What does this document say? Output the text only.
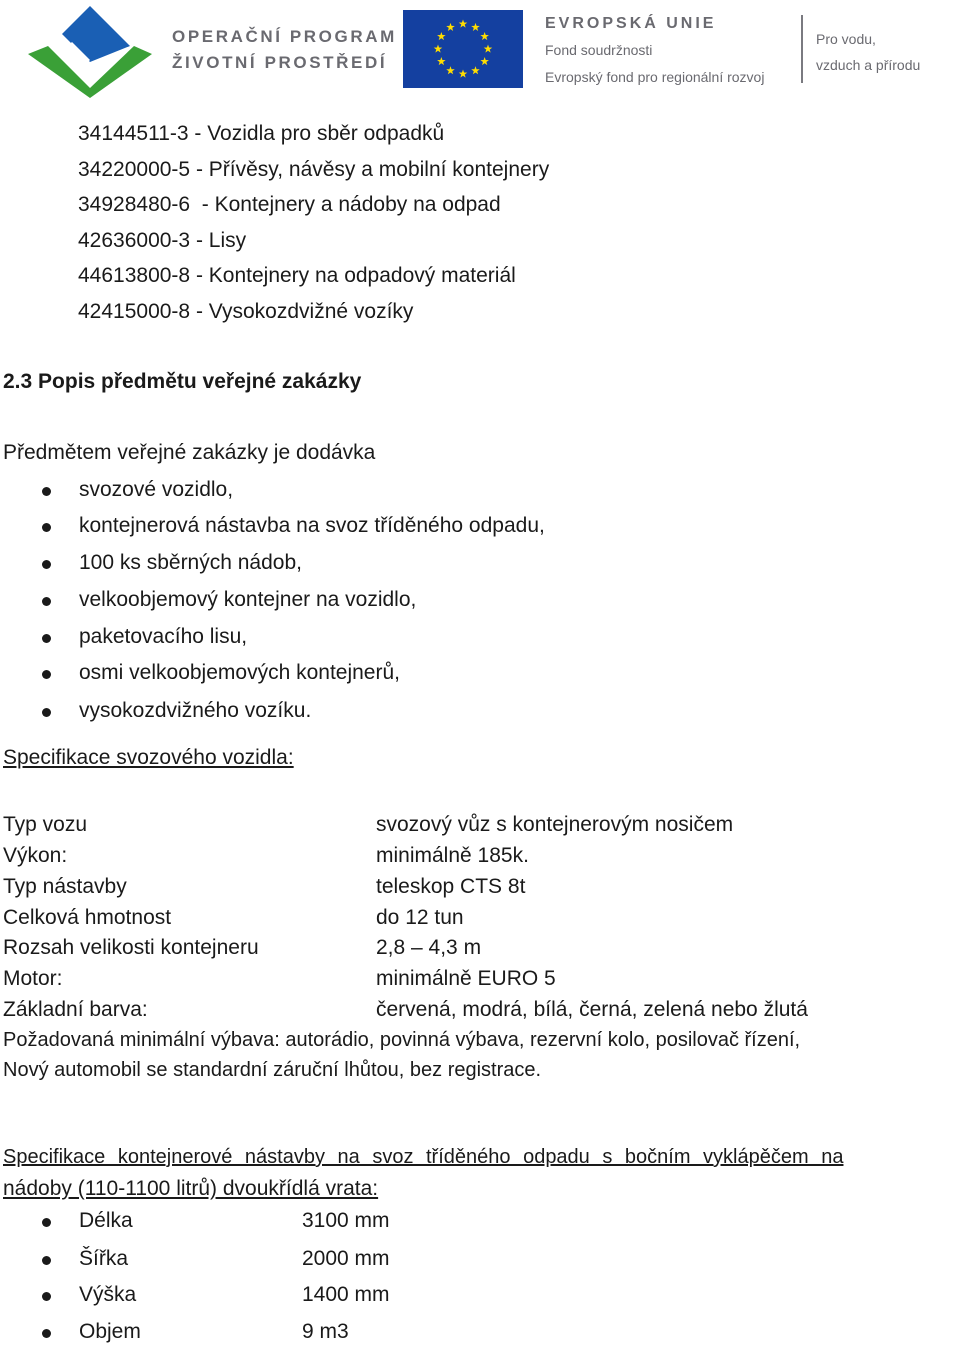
OPERAČNÍ PROGRAM
ŽIVOTNÍ PROSTŘEDÍ
EVROPSKÁ UNIE
Fond soudržnosti
Evropský fond pro regionální rozvoj
Pro vodu,
vzduch a přírodu
34144511-3 - Vozidla pro sběr odpadků
34220000-5 - Přívěsy, návěsy a mobilní kontejnery
34928480-6  - Kontejnery a nádoby na odpad
42636000-3 - Lisy
44613800-8 - Kontejnery na odpadový materiál
42415000-8 - Vysokozdvižné vozíky
2.3 Popis předmětu veřejné zakázky
Předmětem veřejné zakázky je dodávka
svozové vozidlo,
kontejnerová nástavba na svoz tříděného odpadu,
100 ks sběrných nádob,
velkoobjemový kontejner na vozidlo,
paketovacího lisu,
osmi velkoobjemových kontejnerů,
vysokozdvižného vozíku.
Specifikace svozového vozidla:
Typ vozu	svozový vůz s kontejnerovým nosičem
Výkon:	minimálně 185k.
Typ nástavby	teleskop CTS 8t
Celková hmotnost	do 12 tun
Rozsah velikosti kontejneru	2,8 – 4,3 m
Motor:	minimálně EURO 5
Základní barva:	červená, modrá, bílá, černá, zelená nebo žlutá
Požadovaná minimální výbava: autorádio, povinná výbava, rezervní kolo, posilovač řízení,
Nový automobil se standardní záruční lhůtou, bez registrace.
Specifikace kontejnerové nástavby na svoz tříděného odpadu s bočním vyklápěčem na
nádoby (110-1100 litrů) dvoukřídlá vrata:
Délka	3100 mm
Šířka	2000 mm
Výška	1400 mm
Objem	9 m3
